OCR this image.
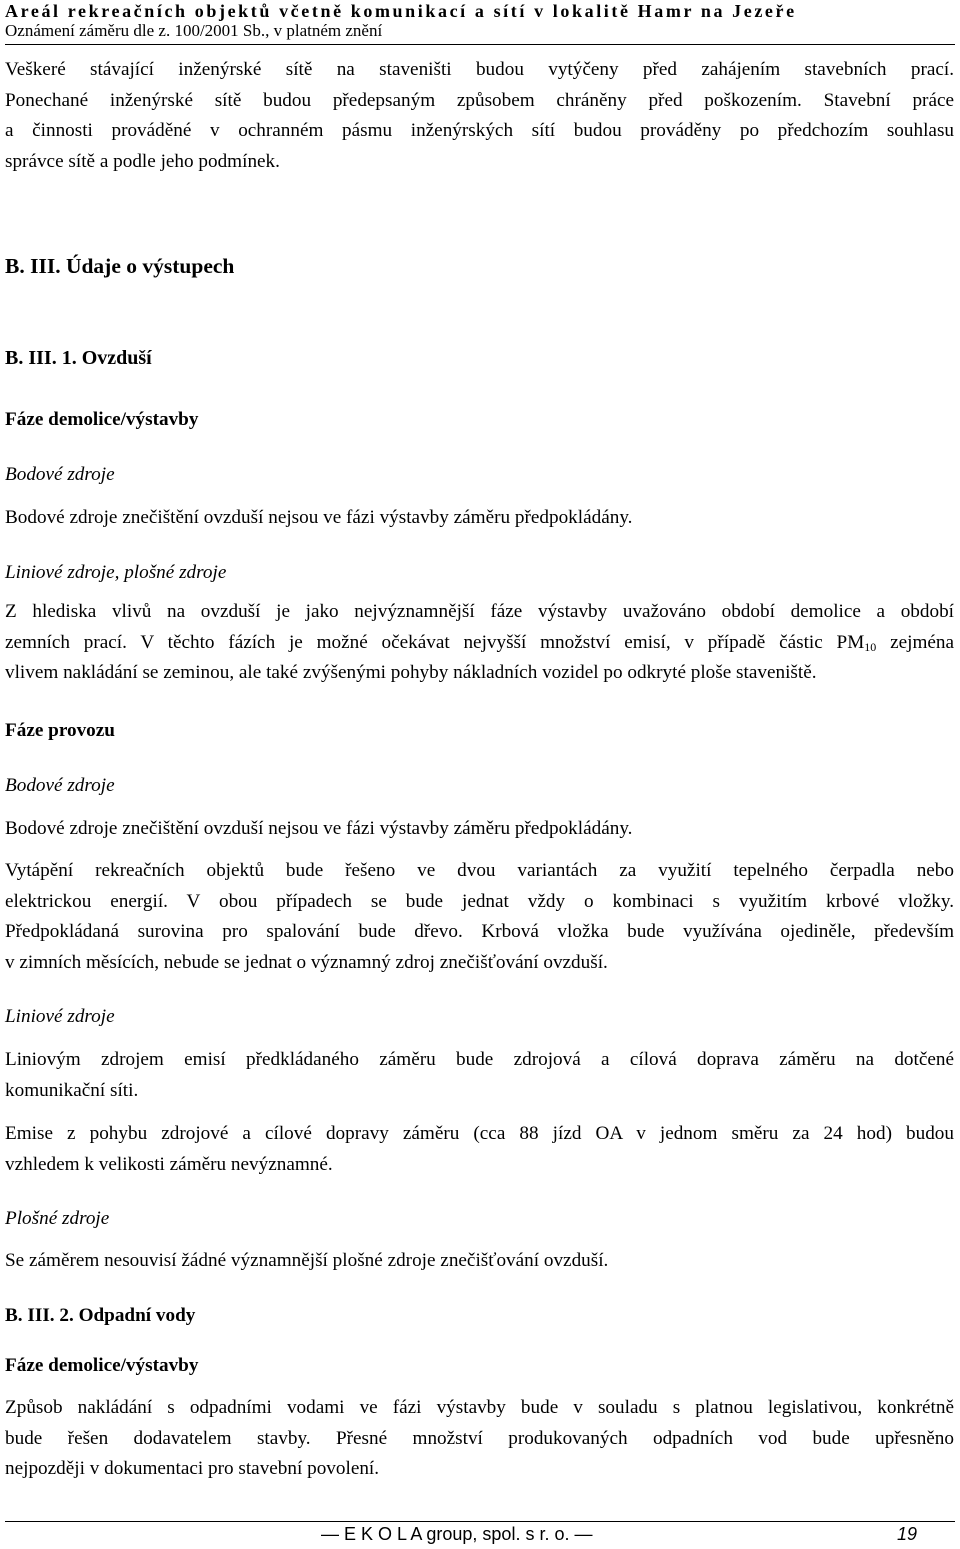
Areál rekreačních objektů včetně komunikací a sítí v lokalitě Hamr na Jezeře
Oznámení záměru dle z. 100/2001 Sb., v platném znění
Veškeré stávající inženýrské sítě na staveništi budou vytýčeny před zahájením stavebních prací.
Ponechané inženýrské sítě budou předepsaným způsobem chráněny před poškozením. Stavební práce
a činnosti prováděné v ochranném pásmu inženýrských sítí budou prováděny po předchozím souhlasu
správce sítě a podle jeho podmínek.
B. III. Údaje o výstupech
B. III. 1. Ovzduší
Fáze demolice/výstavby
Bodové zdroje
Bodové zdroje znečištění ovzduší nejsou ve fázi výstavby záměru předpokládány.
Liniové zdroje, plošné zdroje
Z hlediska vlivů na ovzduší je jako nejvýznamnější fáze výstavby uvažováno období demolice a období
zemních prací. V těchto fázích je možné očekávat nejvyšší množství emisí, v případě částic $PM_{10}$ zejména
vlivem nakládání se zeminou, ale také zvýšenými pohyby nákladních vozidel po odkryté ploše staveniště.
Fáze provozu
Bodové zdroje
Bodové zdroje znečištění ovzduší nejsou ve fázi výstavby záměru předpokládány.
Vytápění rekreačních objektů bude řešeno ve dvou variantách za využití tepelného čerpadla nebo
elektrickou energií. V obou případech se bude jednat vždy o kombinaci s využitím krbové vložky.
Předpokládaná surovina pro spalování bude dřevo. Krbová vložka bude využívána ojediněle, především
v zimních měsících, nebude se jednat o významný zdroj znečišťování ovzduší.
Liniové zdroje
Liniovým zdrojem emisí předkládaného záměru bude zdrojová a cílová doprava záměru na dotčené
komunikační síti.
Emise z pohybu zdrojové a cílové dopravy záměru (cca 88 jízd OA v jednom směru za 24 hod) budou
vzhledem k velikosti záměru nevýznamné.
Plošné zdroje
Se záměrem nesouvisí žádné významnější plošné zdroje znečišťování ovzduší.
B. III. 2. Odpadní vody
Fáze demolice/výstavby
Způsob nakládání s odpadními vodami ve fázi výstavby bude v souladu s platnou legislativou, konkrétně
bude řešen dodavatelem stavby. Přesné množství produkovaných odpadních vod bude upřesněno
nejpozději v dokumentaci pro stavební povolení.
— E K O L A group, spol. s r. o. —	19
